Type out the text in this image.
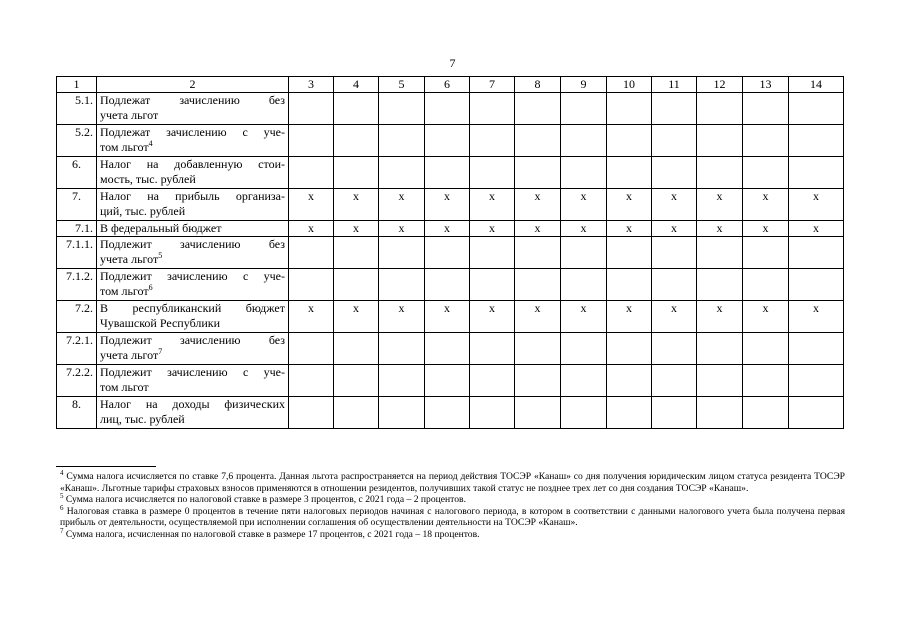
7
1	2	3	4	5	6	7	8	9	10	11	12	13	14
5.1.	Подлежат зачислению без
учета льгот												

5.2.	Подлежат зачислению с уче-
том льгот$^4$

6.	Налог на добавленную стои-
мость, тыс. рублей												

7.	Налог на прибыль организа-
ций, тыс. рублей	x	x	x	x	x	x	x	x	x	x	x	x
7.1.	В федеральный бюджет	x	x	x	x	x	x	x	x	x	x	x	x
7.1.1.	Подлежит зачислению без
учета льгот$^5$

7.1.2.	Подлежит зачислению с уче-
том льгот$^6$

7.2.	В республиканский бюджет
Чувашской Республики	x	x	x	x	x	x	x	x	x	x	x	x
7.2.1.	Подлежит зачислению без
учета льгот$^7$

7.2.2.	Подлежит зачислению с уче-
том льгот												

8.	Налог на доходы физических
лиц, тыс. рублей												

$^4$ Сумма налога исчисляется по ставке 7,6 процента. Данная льгота распространяется на период действия ТОСЭР «Канаш» со дня получения юридическим лицом статуса резидента ТОСЭР «Канаш». Льготные тарифы страховых взносов применяются в отношении резидентов, получивших такой статус не позднее трех лет со дня создания ТОСЭР «Канаш».

$^5$ Сумма налога исчисляется по налоговой ставке в размере 3 процентов, с 2021 года – 2 процентов.

$^6$ Налоговая ставка в размере 0 процентов в течение пяти налоговых периодов начиная с налогового периода, в котором в соответствии с данными налогового учета была получена первая прибыль от деятельности, осуществляемой при исполнении соглашения об осуществлении деятельности на ТОСЭР «Канаш».

$^7$ Сумма налога, исчисленная по налоговой ставке в размере 17 процентов, с 2021 года – 18 процентов.
